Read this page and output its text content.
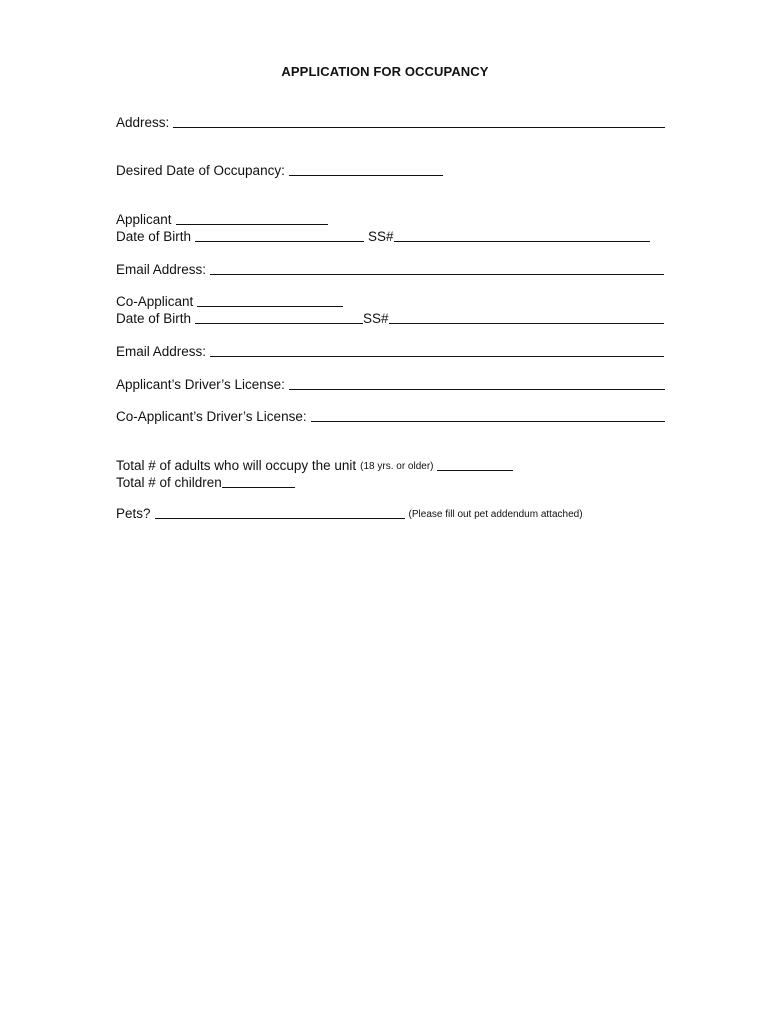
APPLICATION FOR OCCUPANCY
Address:
Desired Date of Occupancy:
Applicant
Date of Birth	SS#
Email Address:
Co-Applicant
Date of Birth	SS#
Email Address:
Applicant’s Driver’s License:
Co-Applicant’s Driver’s License:
Total # of adults who will occupy the unit (18 yrs. or older)
Total # of children
Pets?	(Please fill out pet addendum attached)
